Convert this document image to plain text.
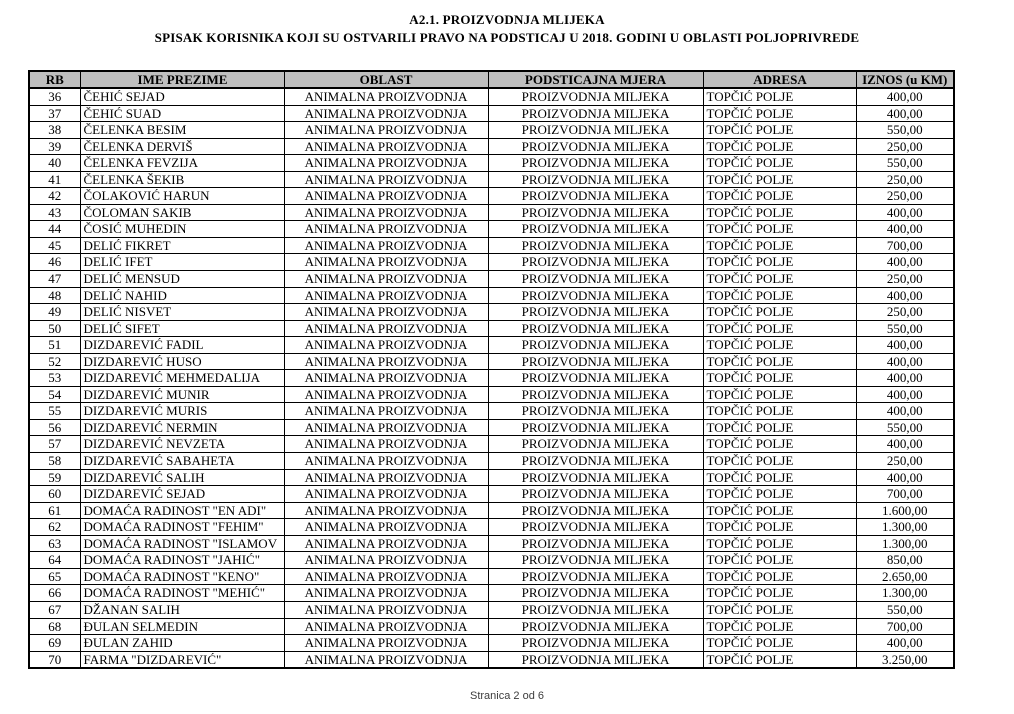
A2.1. PROIZVODNJA MLIJEKA
SPISAK KORISNIKA KOJI SU OSTVARILI PRAVO NA PODSTICAJ U 2018. GODINI U OBLASTI POLJOPRIVREDE
RB	IME PREZIME	OBLAST	PODSTICAJNA MJERA	ADRESA	IZNOS (u KM)
36	ČEHIĆ SEJAD	ANIMALNA PROIZVODNJA	PROIZVODNJA MILJEKA	TOPČIĆ POLJE	400,00
37	ČEHIĆ SUAD	ANIMALNA PROIZVODNJA	PROIZVODNJA MILJEKA	TOPČIĆ POLJE	400,00
38	ČELENKA BESIM	ANIMALNA PROIZVODNJA	PROIZVODNJA MILJEKA	TOPČIĆ POLJE	550,00
39	ČELENKA DERVIŠ	ANIMALNA PROIZVODNJA	PROIZVODNJA MILJEKA	TOPČIĆ POLJE	250,00
40	ČELENKA FEVZIJA	ANIMALNA PROIZVODNJA	PROIZVODNJA MILJEKA	TOPČIĆ POLJE	550,00
41	ČELENKA ŠEKIB	ANIMALNA PROIZVODNJA	PROIZVODNJA MILJEKA	TOPČIĆ POLJE	250,00
42	ČOLAKOVIĆ HARUN	ANIMALNA PROIZVODNJA	PROIZVODNJA MILJEKA	TOPČIĆ POLJE	250,00
43	ČOLOMAN SAKIB	ANIMALNA PROIZVODNJA	PROIZVODNJA MILJEKA	TOPČIĆ POLJE	400,00
44	ČOSIĆ MUHEDIN	ANIMALNA PROIZVODNJA	PROIZVODNJA MILJEKA	TOPČIĆ POLJE	400,00
45	DELIĆ FIKRET	ANIMALNA PROIZVODNJA	PROIZVODNJA MILJEKA	TOPČIĆ POLJE	700,00
46	DELIĆ IFET	ANIMALNA PROIZVODNJA	PROIZVODNJA MILJEKA	TOPČIĆ POLJE	400,00
47	DELIĆ MENSUD	ANIMALNA PROIZVODNJA	PROIZVODNJA MILJEKA	TOPČIĆ POLJE	250,00
48	DELIĆ NAHID	ANIMALNA PROIZVODNJA	PROIZVODNJA MILJEKA	TOPČIĆ POLJE	400,00
49	DELIĆ NISVET	ANIMALNA PROIZVODNJA	PROIZVODNJA MILJEKA	TOPČIĆ POLJE	250,00
50	DELIĆ SIFET	ANIMALNA PROIZVODNJA	PROIZVODNJA MILJEKA	TOPČIĆ POLJE	550,00
51	DIZDAREVIĆ FADIL	ANIMALNA PROIZVODNJA	PROIZVODNJA MILJEKA	TOPČIĆ POLJE	400,00
52	DIZDAREVIĆ HUSO	ANIMALNA PROIZVODNJA	PROIZVODNJA MILJEKA	TOPČIĆ POLJE	400,00
53	DIZDAREVIĆ MEHMEDALIJA	ANIMALNA PROIZVODNJA	PROIZVODNJA MILJEKA	TOPČIĆ POLJE	400,00
54	DIZDAREVIĆ MUNIR	ANIMALNA PROIZVODNJA	PROIZVODNJA MILJEKA	TOPČIĆ POLJE	400,00
55	DIZDAREVIĆ MURIS	ANIMALNA PROIZVODNJA	PROIZVODNJA MILJEKA	TOPČIĆ POLJE	400,00
56	DIZDAREVIĆ NERMIN	ANIMALNA PROIZVODNJA	PROIZVODNJA MILJEKA	TOPČIĆ POLJE	550,00
57	DIZDAREVIĆ NEVZETA	ANIMALNA PROIZVODNJA	PROIZVODNJA MILJEKA	TOPČIĆ POLJE	400,00
58	DIZDAREVIĆ SABAHETA	ANIMALNA PROIZVODNJA	PROIZVODNJA MILJEKA	TOPČIĆ POLJE	250,00
59	DIZDAREVIĆ SALIH	ANIMALNA PROIZVODNJA	PROIZVODNJA MILJEKA	TOPČIĆ POLJE	400,00
60	DIZDAREVIĆ SEJAD	ANIMALNA PROIZVODNJA	PROIZVODNJA MILJEKA	TOPČIĆ POLJE	700,00
61	DOMAĆA RADINOST "EN ADI"	ANIMALNA PROIZVODNJA	PROIZVODNJA MILJEKA	TOPČIĆ POLJE	1.600,00
62	DOMAĆA RADINOST "FEHIM"	ANIMALNA PROIZVODNJA	PROIZVODNJA MILJEKA	TOPČIĆ POLJE	1.300,00
63	DOMAĆA RADINOST "ISLAMOV	ANIMALNA PROIZVODNJA	PROIZVODNJA MILJEKA	TOPČIĆ POLJE	1.300,00
64	DOMAĆA RADINOST "JAHIĆ"	ANIMALNA PROIZVODNJA	PROIZVODNJA MILJEKA	TOPČIĆ POLJE	850,00
65	DOMAĆA RADINOST "KENO"	ANIMALNA PROIZVODNJA	PROIZVODNJA MILJEKA	TOPČIĆ POLJE	2.650,00
66	DOMAĆA RADINOST "MEHIĆ"	ANIMALNA PROIZVODNJA	PROIZVODNJA MILJEKA	TOPČIĆ POLJE	1.300,00
67	DŽANAN SALIH	ANIMALNA PROIZVODNJA	PROIZVODNJA MILJEKA	TOPČIĆ POLJE	550,00
68	ĐULAN SELMEDIN	ANIMALNA PROIZVODNJA	PROIZVODNJA MILJEKA	TOPČIĆ POLJE	700,00
69	ĐULAN ZAHID	ANIMALNA PROIZVODNJA	PROIZVODNJA MILJEKA	TOPČIĆ POLJE	400,00
70	FARMA "DIZDAREVIĆ"	ANIMALNA PROIZVODNJA	PROIZVODNJA MILJEKA	TOPČIĆ POLJE	3.250,00
Stranica 2 od 6
